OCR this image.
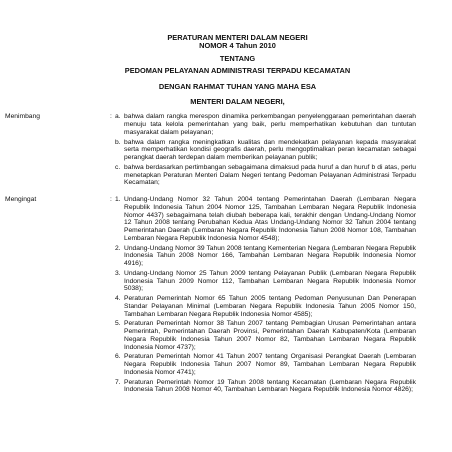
PERATURAN MENTERI DALAM NEGERI
NOMOR 4 Tahun 2010
TENTANG
PEDOMAN PELAYANAN ADMINISTRASI TERPADU KECAMATAN
DENGAN RAHMAT TUHAN YANG MAHA ESA
MENTERI DALAM NEGERI,
Menimbang	: a. bahwa dalam rangka merespon dinamika perkembangan penyelenggaraan pemerintahan daerah menuju tata kelola pemerintahan yang baik, perlu memperhatikan kebutuhan dan tuntutan masyarakat dalam pelayanan;
b. bahwa dalam rangka meningkatkan kualitas dan mendekatkan pelayanan kepada masyarakat serta memperhatikan kondisi geografis daerah, perlu mengoptimalkan peran kecamatan sebagai perangkat daerah terdepan dalam memberikan pelayanan publik;
c. bahwa berdasarkan pertimbangan sebagaimana dimaksud pada huruf a dan huruf b di atas, perlu menetapkan Peraturan Menteri Dalam Negeri tentang Pedoman Pelayanan Administrasi Terpadu Kecamatan;
Mengingat	: 1. Undang-Undang Nomor 32 Tahun 2004 tentang Pemerintahan Daerah (Lembaran Negara Republik Indonesia Tahun 2004 Nomor 125, Tambahan Lembaran Negara Republik Indonesia Nomor 4437) sebagaimana telah diubah beberapa kali, terakhir dengan Undang-Undang Nomor 12 Tahun 2008 tentang Perubahan Kedua Atas Undang-Undang Nomor 32 Tahun 2004 tentang Pemerintahan Daerah (Lembaran Negara Republik Indonesia Tahun 2008 Nomor 108, Tambahan Lembaran Negara Republik Indonesia Nomor 4548);
2. Undang-Undang Nomor 39 Tahun 2008 tentang Kementerian Negara (Lembaran Negara Republik Indonesia Tahun 2008 Nomor 166, Tambahan Lembaran Negara Republik Indonesia Nomor 4916);
3. Undang-Undang Nomor 25 Tahun 2009 tentang Pelayanan Publik (Lembaran Negara Republik Indonesia Tahun 2009 Nomor 112, Tambahan Lembaran Negara Republik Indonesia Nomor 5038);
4. Peraturan Pemerintah Nomor 65 Tahun 2005 tentang Pedoman Penyusunan Dan Penerapan Standar Pelayanan Minimal (Lembaran Negara Republik Indonesia Tahun 2005 Nomor 150, Tambahan Lembaran Negara Republik Indonesia Nomor 4585);
5. Peraturan Pemerintah Nomor 38 Tahun 2007 tentang Pembagian Urusan Pemerintahan antara Pemerintah, Pemerintahan Daerah Provinsi, Pemerintahan Daerah Kabupaten/Kota (Lembaran Negara Republik Indonesia Tahun 2007 Nomor 82, Tambahan Lembaran Negara Republik Indonesia Nomor 4737);
6. Peraturan Pemerintah Nomor 41 Tahun 2007 tentang Organisasi Perangkat Daerah (Lembaran Negara Republik Indonesia Tahun 2007 Nomor 89, Tambahan Lembaran Negara Republik Indonesia Nomor 4741);
7. Peraturan Pemerintah Nomor 19 Tahun 2008 tentang Kecamatan (Lembaran Negara Republik Indonesia Tahun 2008 Nomor 40, Tambahan Lembaran Negara Republik Indonesia Nomor 4826);
